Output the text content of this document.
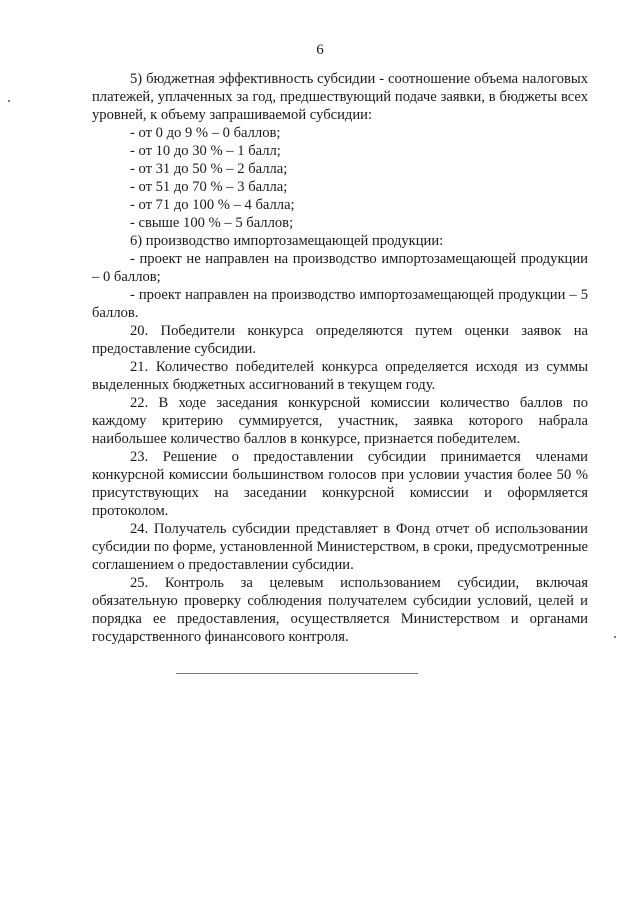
6

5) бюджетная эффективность субсидии - соотношение объема налоговых платежей, уплаченных за год, предшествующий подаче заявки, в бюджеты всех уровней, к объему запрашиваемой субсидии:

- от 0 до 9 % – 0 баллов;

- от 10 до 30 % – 1 балл;

- от 31 до 50 % – 2 балла;

- от 51 до 70 % – 3 балла;

- от 71 до 100 % – 4 балла;

- свыше 100 % – 5 баллов;

6) производство импортозамещающей продукции:

- проект не направлен на производство импортозамещающей продукции – 0 баллов;

- проект направлен на производство импортозамещающей продукции – 5 баллов.

20. Победители конкурса определяются путем оценки заявок на предоставление субсидии.

21. Количество победителей конкурса определяется исходя из суммы выделенных бюджетных ассигнований в текущем году.

22. В ходе заседания конкурсной комиссии количество баллов по каждому критерию суммируется, участник, заявка которого набрала наибольшее количество баллов в конкурсе, признается победителем.

23. Решение о предоставлении субсидии принимается членами конкурсной комиссии большинством голосов при условии участия более 50 % присутствующих на заседании конкурсной комиссии и оформляется протоколом.

24. Получатель субсидии представляет в Фонд отчет об использовании субсидии по форме, установленной Министерством, в сроки, предусмотренные соглашением о предоставлении субсидии.

25. Контроль за целевым использованием субсидии, включая обязательную проверку соблюдения получателем субсидии условий, целей и порядка ее предоставления, осуществляется Министерством и органами государственного финансового контроля.
